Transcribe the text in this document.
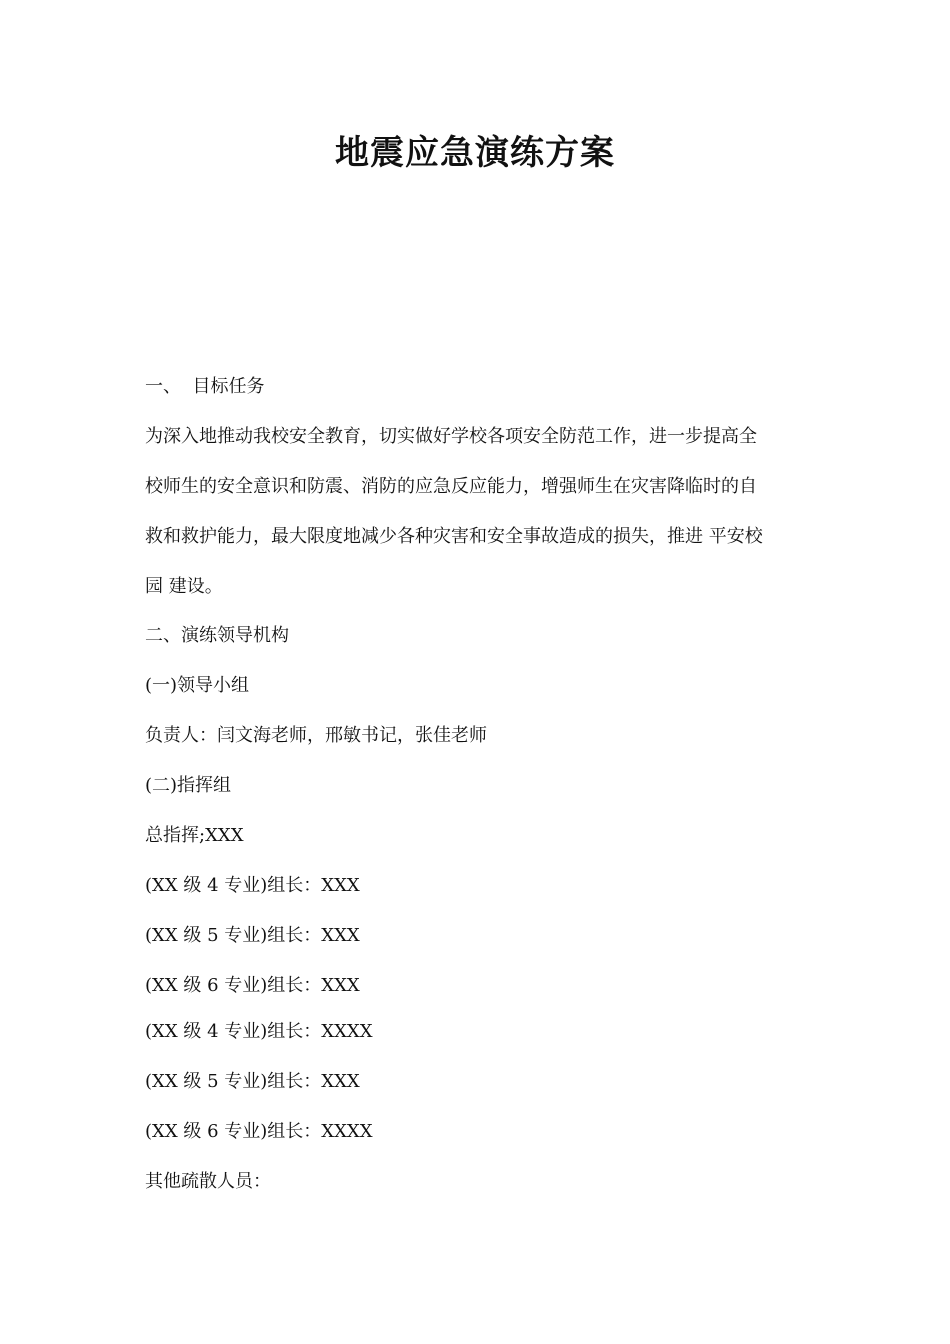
地震应急演练方案

一、  目标任务

为深入地推动我校安全教育，切实做好学校各项安全防范工作，进一步提高全
校师生的安全意识和防震、消防的应急反应能力，增强师生在灾害降临时的自
救和救护能力，最大限度地减少各种灾害和安全事故造成的损失，推进 平安校
园 建设。

二、演练领导机构

(一)领导小组

负责人：闫文海老师，邢敏书记，张佳老师

(二)指挥组

总指挥;XXX

(XX 级 4 专业)组长：XXX

(XX 级 5 专业)组长：XXX

(XX 级 6 专业)组长：XXX

(XX 级 4 专业)组长：XXXX

(XX 级 5 专业)组长：XXX

(XX 级 6 专业)组长：XXXX

其他疏散人员：
